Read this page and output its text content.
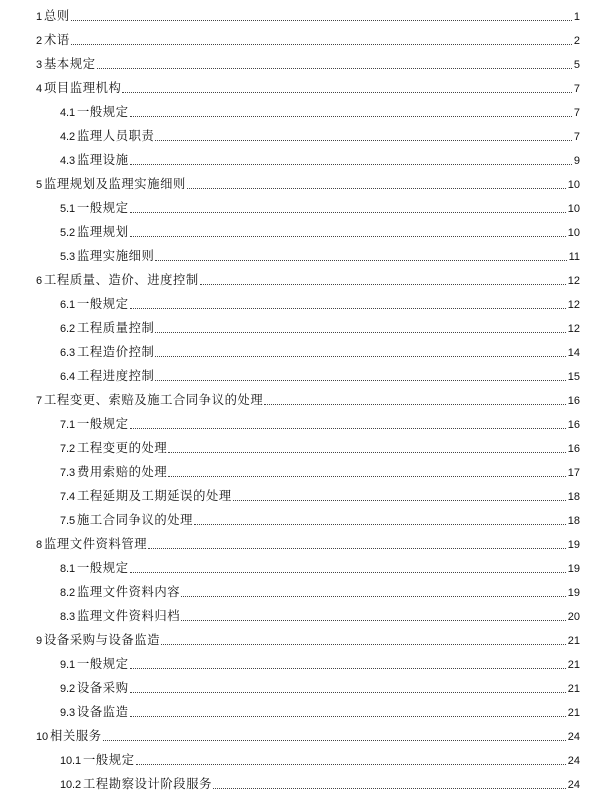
1 总则	1
2 术语	2
3 基本规定	5
4 项目监理机构	7
4.1 一般规定	7
4.2 监理人员职责	7
4.3 监理设施	9
5 监理规划及监理实施细则	10
5.1 一般规定	10
5.2 监理规划	10
5.3 监理实施细则	11
6 工程质量、造价、进度控制	12
6.1 一般规定	12
6.2 工程质量控制	12
6.3 工程造价控制	14
6.4 工程进度控制	15
7 工程变更、索赔及施工合同争议的处理	16
7.1 一般规定	16
7.2 工程变更的处理	16
7.3 费用索赔的处理	17
7.4 工程延期及工期延误的处理	18
7.5 施工合同争议的处理	18
8 监理文件资料管理	19
8.1 一般规定	19
8.2 监理文件资料内容	19
8.3 监理文件资料归档	20
9 设备采购与设备监造	21
9.1 一般规定	21
9.2 设备采购	21
9.3 设备监造	21
10 相关服务	24
10.1 一般规定	24
10.2 工程勘察设计阶段服务	24
